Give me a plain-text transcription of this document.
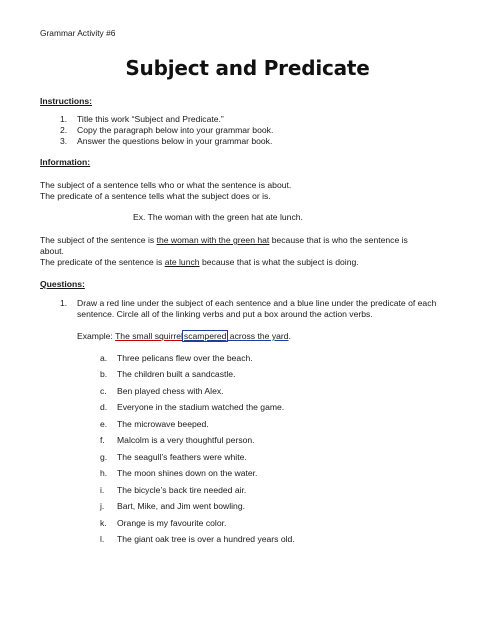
Grammar Activity #6
Subject and Predicate
Instructions:
1.	Title this work “Subject and Predicate.”
2.	Copy the paragraph below into your grammar book.
3.	Answer the questions below in your grammar book.
Information:
The subject of a sentence tells who or what the sentence is about.
The predicate of a sentence tells what the subject does or is.
Ex. The woman with the green hat ate lunch.
The subject of the sentence is the woman with the green hat because that is who the sentence is
about.
The predicate of the sentence is ate lunch because that is what the subject is doing.
Questions:
1.	Draw a red line under the subject of each sentence and a blue line under the predicate of each
sentence. Circle all of the linking verbs and put a box around the action verbs.
Example: The small squirrelscampered across the yard.
a.	Three pelicans flew over the beach.
b.	The children built a sandcastle.
c.	Ben played chess with Alex.
d.	Everyone in the stadium watched the game.
e.	The microwave beeped.
f.	Malcolm is a very thoughtful person.
g.	The seagull’s feathers were white.
h.	The moon shines down on the water.
i.	The bicycle’s back tire needed air.
j.	Bart, Mike, and Jim went bowling.
k.	Orange is my favourite color.
l.	The giant oak tree is over a hundred years old.
